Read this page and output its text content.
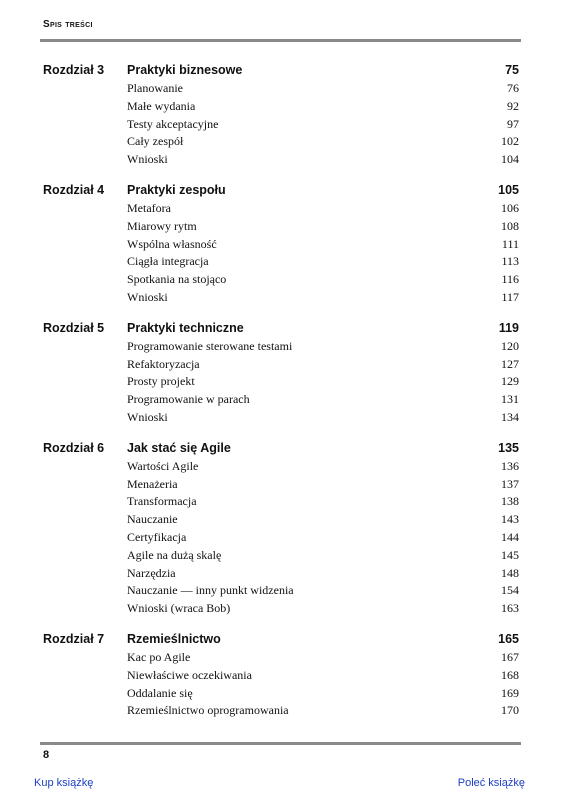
Spis treści
Rozdział 3 Praktyki biznesowe	75
Planowanie	76
Małe wydania	92
Testy akceptacyjne	97
Cały zespół	102
Wnioski	104
Rozdział 4 Praktyki zespołu	105
Metafora	106
Miarowy rytm	108
Wspólna własność	111
Ciągła integracja	113
Spotkania na stojąco	116
Wnioski	117
Rozdział 5 Praktyki techniczne	119
Programowanie sterowane testami	120
Refaktoryzacja	127
Prosty projekt	129
Programowanie w parach	131
Wnioski	134
Rozdział 6 Jak stać się Agile	135
Wartości Agile	136
Menażeria	137
Transformacja	138
Nauczanie	143
Certyfikacja	144
Agile na dużą skalę	145
Narzędzia	148
Nauczanie — inny punkt widzenia	154
Wnioski (wraca Bob)	163
Rozdział 7 Rzemieślnictwo	165
Kac po Agile	167
Niewłaściwe oczekiwania	168
Oddalanie się	169
Rzemieślnictwo oprogramowania	170
8
Kup książkę	Poleć książkę
